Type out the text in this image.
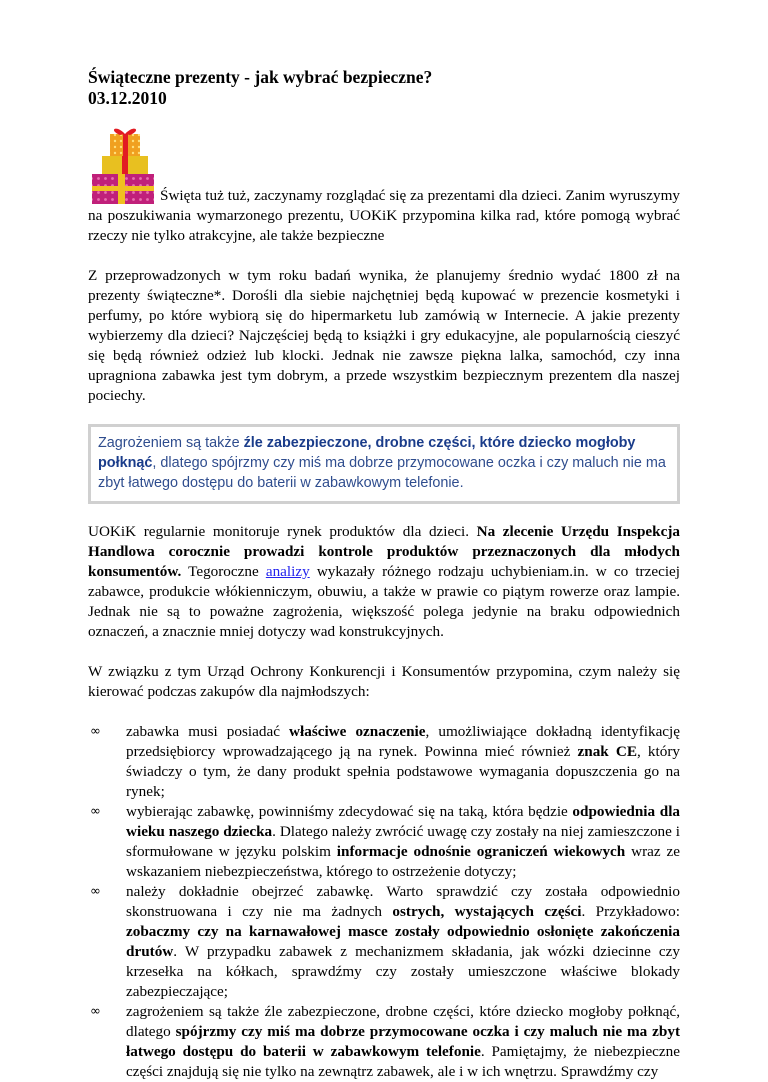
Świąteczne prezenty - jak wybrać bezpieczne?
03.12.2010

Święta tuż tuż, zaczynamy rozglądać się za prezentami dla dzieci. Zanim wyruszymy na poszukiwania wymarzonego prezentu, UOKiK przypomina kilka rad, które pomogą wybrać rzeczy nie tylko atrakcyjne, ale także bezpieczne

Z przeprowadzonych w tym roku badań wynika, że planujemy średnio wydać 1800 zł na prezenty świąteczne*. Dorośli dla siebie najchętniej będą kupować w prezencie kosmetyki i perfumy, po które wybiorą się do hipermarketu lub zamówią w Internecie. A jakie prezenty wybierzemy dla dzieci? Najczęściej będą to książki i gry edukacyjne, ale popularnością cieszyć się będą również odzież lub klocki. Jednak nie zawsze piękna lalka, samochód, czy inna upragniona zabawka jest tym dobrym, a przede wszystkim bezpiecznym prezentem dla naszej pociechy.

Zagrożeniem są także źle zabezpieczone, drobne części, które dziecko mogłoby połknąć, dlatego spójrzmy czy miś ma dobrze przymocowane oczka i czy maluch nie ma zbyt łatwego dostępu do baterii w zabawkowym telefonie.

UOKiK regularnie monitoruje rynek produktów dla dzieci. Na zlecenie Urzędu Inspekcja Handlowa corocznie prowadzi kontrole produktów przeznaczonych dla młodych konsumentów. Tegoroczne analizy wykazały różnego rodzaju uchybieniam.in. w co trzeciej zabawce, produkcie włókienniczym, obuwiu, a także w prawie co piątym rowerze oraz lampie. Jednak nie są to poważne zagrożenia, większość polega jedynie na braku odpowiednich oznaczeń, a znacznie mniej dotyczy wad konstrukcyjnych.

W związku z tym Urząd Ochrony Konkurencji i Konsumentów przypomina, czym należy się kierować podczas zakupów dla najmłodszych:

∞ zabawka musi posiadać właściwe oznaczenie, umożliwiające dokładną identyfikację przedsiębiorcy wprowadzającego ją na rynek. Powinna mieć również znak CE, który świadczy o tym, że dany produkt spełnia podstawowe wymagania dopuszczenia go na rynek;
∞ wybierając zabawkę, powinniśmy zdecydować się na taką, która będzie odpowiednia dla wieku naszego dziecka. Dlatego należy zwrócić uwagę czy zostały na niej zamieszczone i sformułowane w języku polskim informacje odnośnie ograniczeń wiekowych wraz ze wskazaniem niebezpieczeństwa, którego to ostrzeżenie dotyczy;
∞ należy dokładnie obejrzeć zabawkę. Warto sprawdzić czy została odpowiednio skonstruowana i czy nie ma żadnych ostrych, wystających części. Przykładowo: zobaczmy czy na karnawałowej masce zostały odpowiednio osłonięte zakończenia drutów. W przypadku zabawek z mechanizmem składania, jak wózki dziecinne czy krzesełka na kółkach, sprawdźmy czy zostały umieszczone właściwe blokady zabezpieczające;
∞ zagrożeniem są także źle zabezpieczone, drobne części, które dziecko mogłoby połknąć, dlatego spójrzmy czy miś ma dobrze przymocowane oczka i czy maluch nie ma zbyt łatwego dostępu do baterii w zabawkowym telefonie. Pamiętajmy, że niebezpieczne części znajdują się nie tylko na zewnątrz zabawek, ale i w ich wnętrzu. Sprawdźmy czy
